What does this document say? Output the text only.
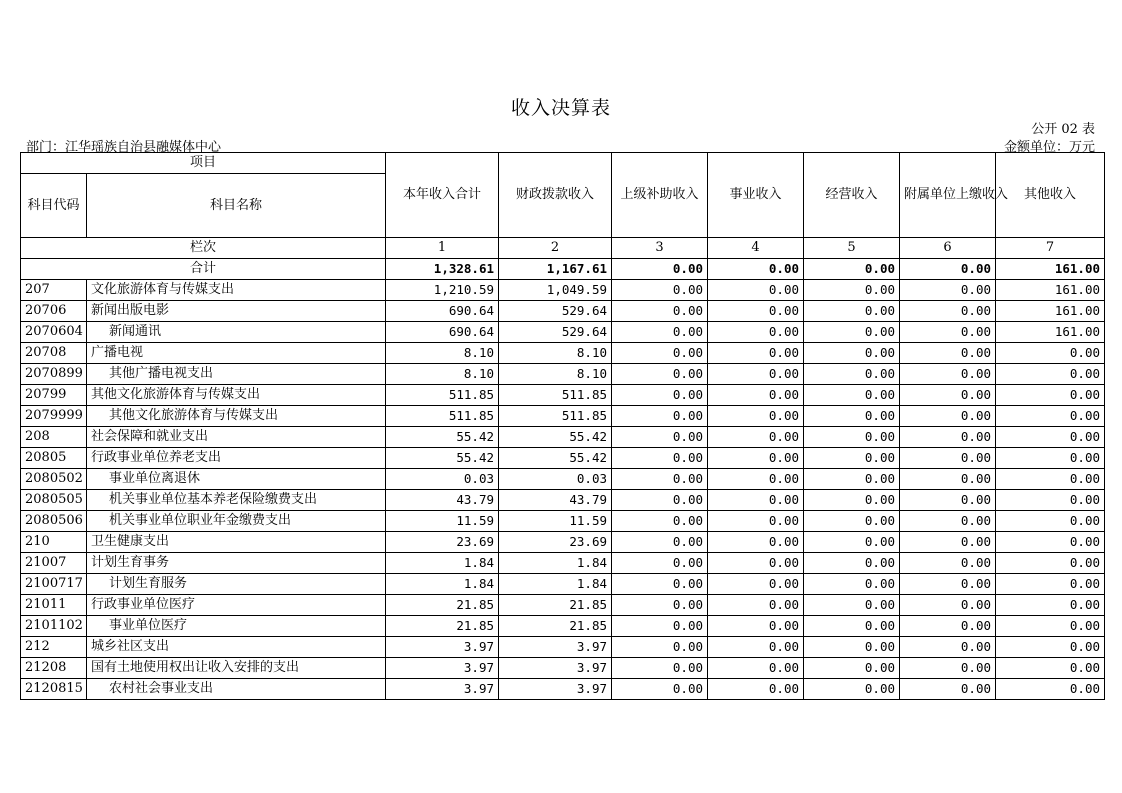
收入决算表
公开 02 表
部门：江华瑶族自治县融媒体中心	金额单位：万元
项目		本年收入合计	财政拨款收入	上级补助收入	事业收入	经营收入	附属单位上缴收入	其他收入
科目代码	科目名称							
栏次		1	2	3	4	5	6	7
合计		1,328.61	1,167.61	0.00	0.00	0.00	0.00	161.00
207	文化旅游体育与传媒支出	1,210.59	1,049.59	0.00	0.00	0.00	0.00	161.00
20706	新闻出版电影	690.64	529.64	0.00	0.00	0.00	0.00	161.00
2070604	新闻通讯	690.64	529.64	0.00	0.00	0.00	0.00	161.00
20708	广播电视	8.10	8.10	0.00	0.00	0.00	0.00	0.00
2070899	其他广播电视支出	8.10	8.10	0.00	0.00	0.00	0.00	0.00
20799	其他文化旅游体育与传媒支出	511.85	511.85	0.00	0.00	0.00	0.00	0.00
2079999	其他文化旅游体育与传媒支出	511.85	511.85	0.00	0.00	0.00	0.00	0.00
208	社会保障和就业支出	55.42	55.42	0.00	0.00	0.00	0.00	0.00
20805	行政事业单位养老支出	55.42	55.42	0.00	0.00	0.00	0.00	0.00
2080502	事业单位离退休	0.03	0.03	0.00	0.00	0.00	0.00	0.00
2080505	机关事业单位基本养老保险缴费支出	43.79	43.79	0.00	0.00	0.00	0.00	0.00
2080506	机关事业单位职业年金缴费支出	11.59	11.59	0.00	0.00	0.00	0.00	0.00
210	卫生健康支出	23.69	23.69	0.00	0.00	0.00	0.00	0.00
21007	计划生育事务	1.84	1.84	0.00	0.00	0.00	0.00	0.00
2100717	计划生育服务	1.84	1.84	0.00	0.00	0.00	0.00	0.00
21011	行政事业单位医疗	21.85	21.85	0.00	0.00	0.00	0.00	0.00
2101102	事业单位医疗	21.85	21.85	0.00	0.00	0.00	0.00	0.00
212	城乡社区支出	3.97	3.97	0.00	0.00	0.00	0.00	0.00
21208	国有土地使用权出让收入安排的支出	3.97	3.97	0.00	0.00	0.00	0.00	0.00
2120815	农村社会事业支出	3.97	3.97	0.00	0.00	0.00	0.00	0.00
